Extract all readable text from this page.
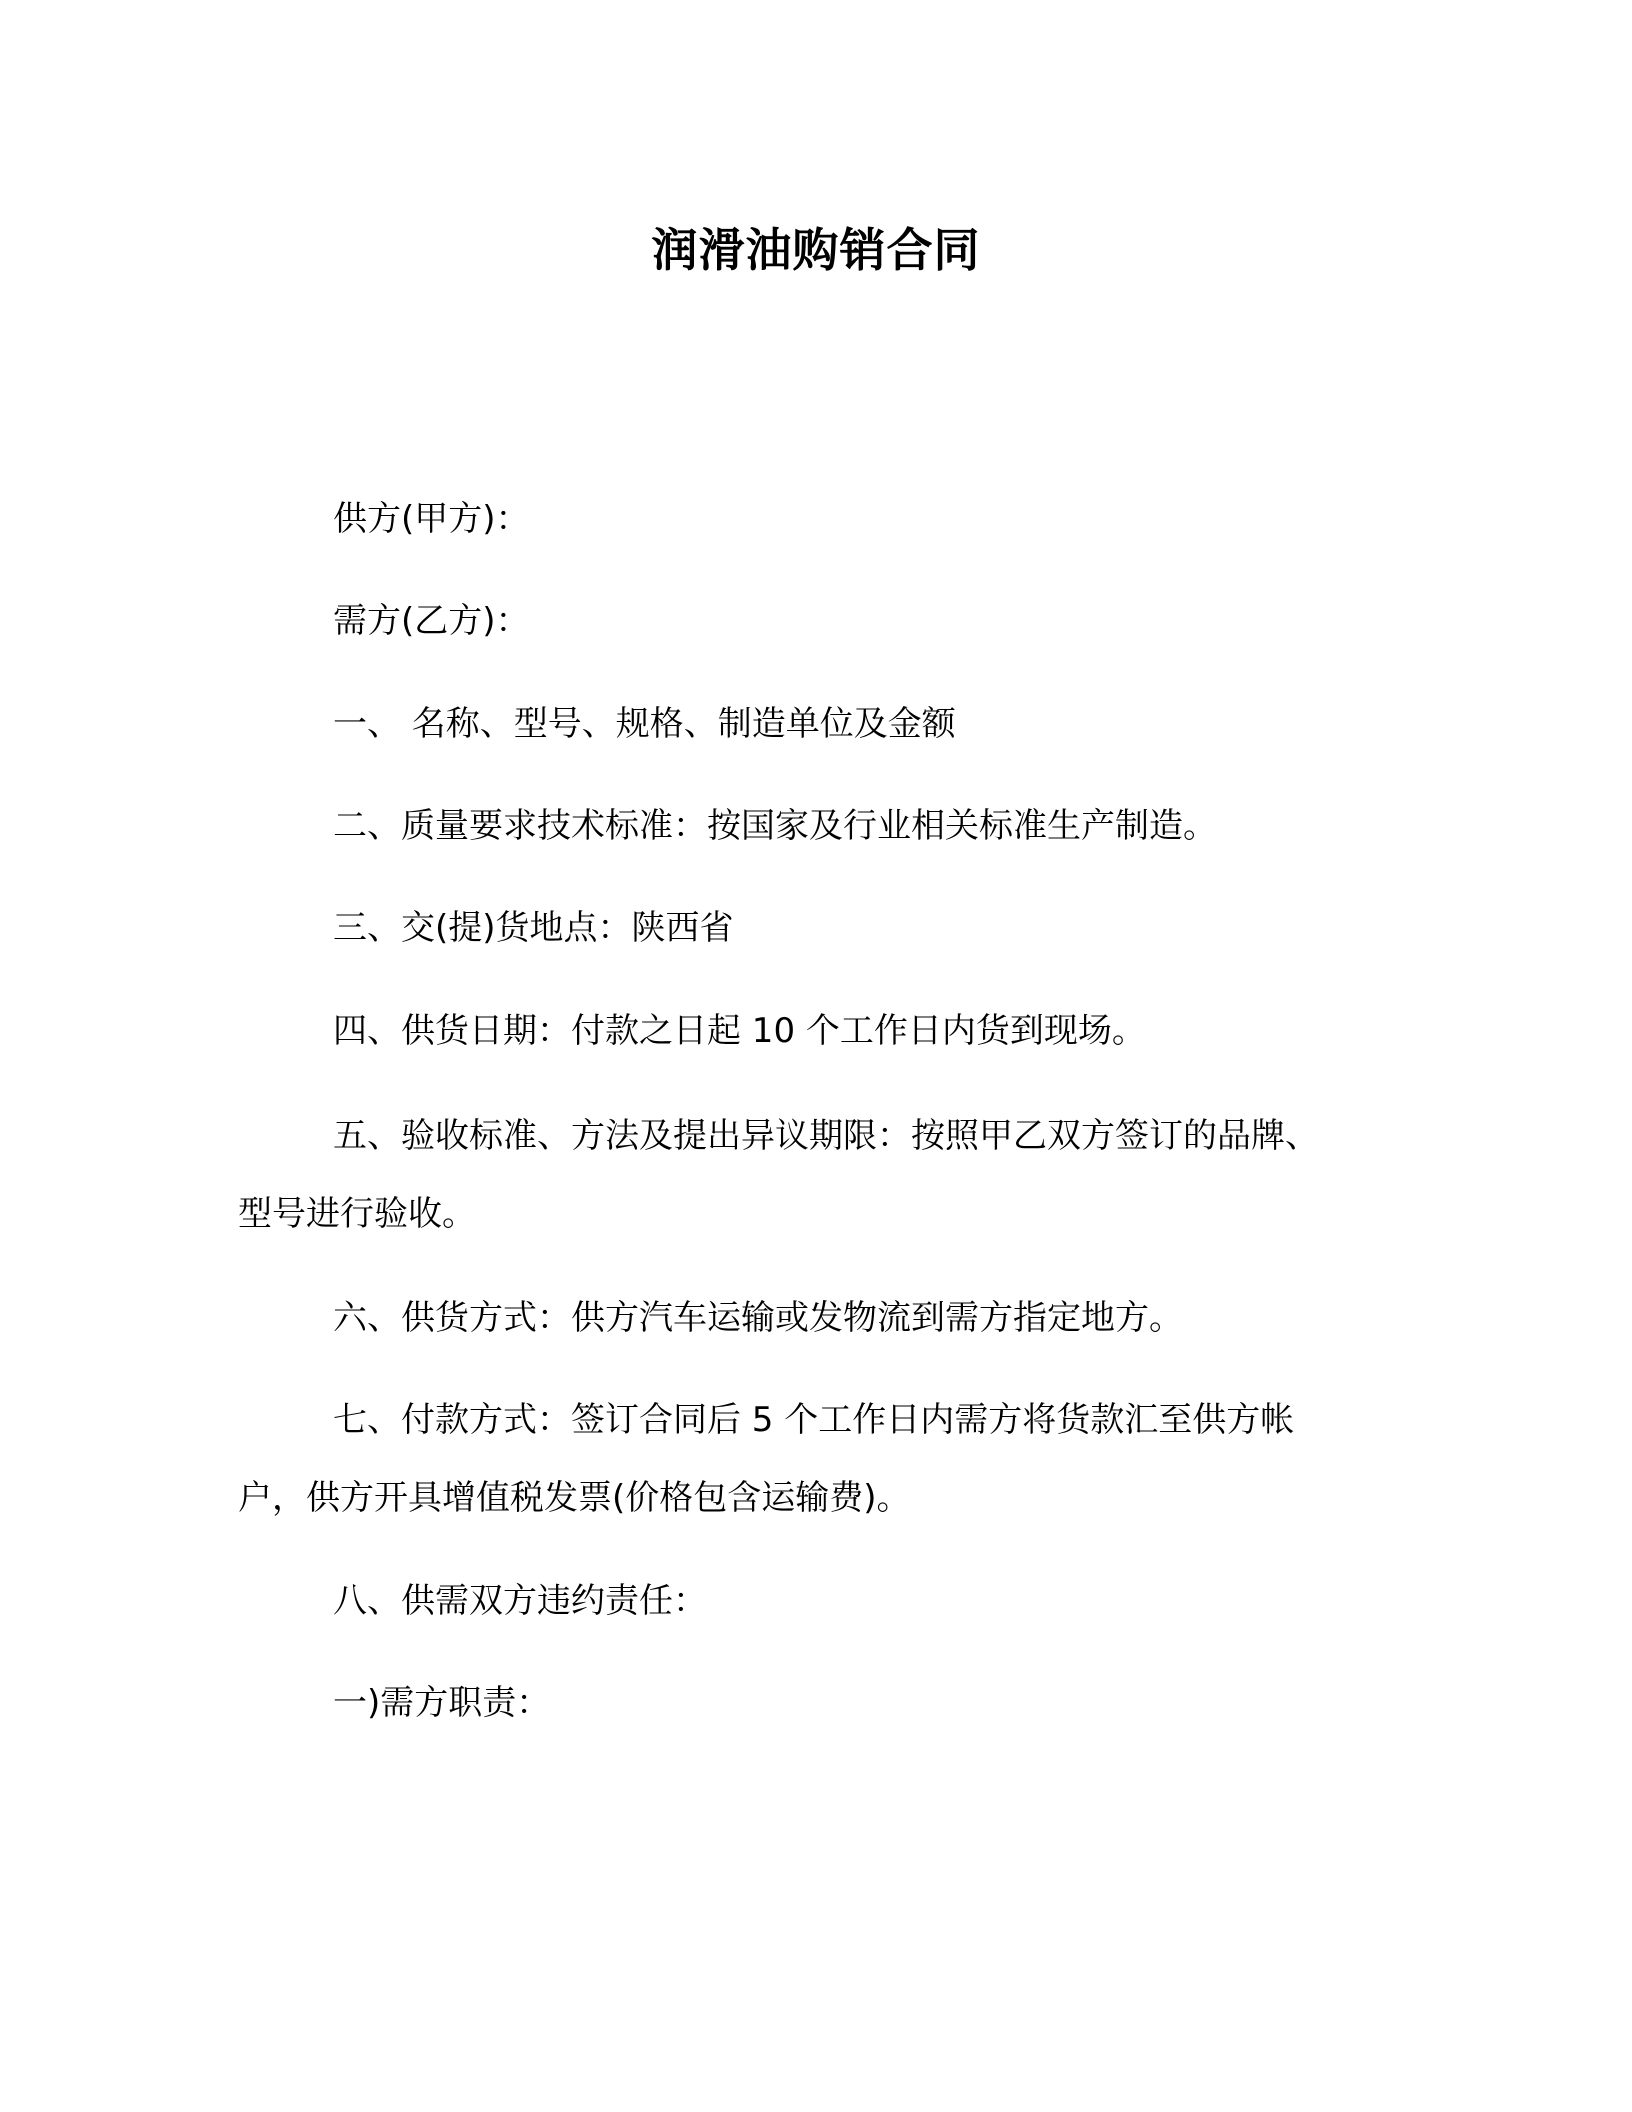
润滑油购销合同
供方(甲方)：
需方(乙方)：
一、 名称、型号、规格、制造单位及金额
二、质量要求技术标准：按国家及行业相关标准生产制造。
三、交(提)货地点：陕西省
四、供货日期：付款之日起 10 个工作日内货到现场。
五、验收标准、方法及提出异议期限：按照甲乙双方签订的品牌、
型号进行验收。
六、供货方式：供方汽车运输或发物流到需方指定地方。
七、付款方式：签订合同后 5 个工作日内需方将货款汇至供方帐
户，供方开具增值税发票(价格包含运输费)。
八、供需双方违约责任：
一)需方职责：
